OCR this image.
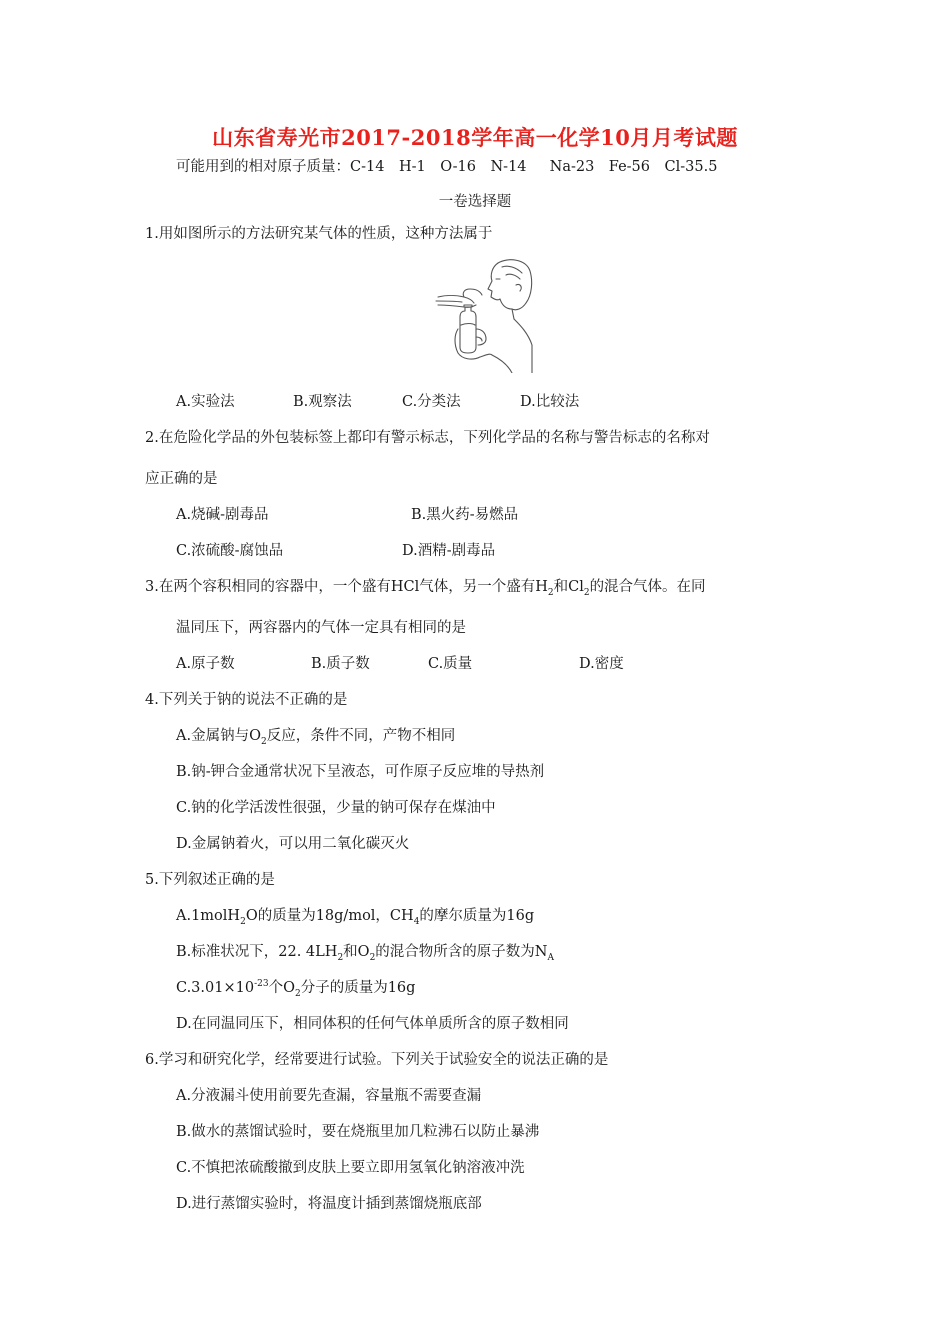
山东省寿光市2017-2018学年高一化学10月月考试题
可能用到的相对原子质量：C-14　H-1　O-16　N-14　 Na-23　Fe-56　Cl-35.5
一卷选择题
1.用如图所示的方法研究某气体的性质，这种方法属于
A.实验法	B.观察法	C.分类法	D.比较法
2.在危险化学品的外包装标签上都印有警示标志，下列化学品的名称与警告标志的名称对
应正确的是
A.烧碱-剧毒品	B.黑火药-易燃品
C.浓硫酸-腐蚀品	D.酒精-剧毒品
3.在两个容积相同的容器中，一个盛有HCl气体，另一个盛有$H_2$和$Cl_2$的混合气体。在同
温同压下，两容器内的气体一定具有相同的是
A.原子数	B.质子数	C.质量	D.密度
4.下列关于钠的说法不正确的是
A.金属钠与$O_2$反应，条件不同，产物不相同
B.钠-钾合金通常状况下呈液态，可作原子反应堆的导热剂
C.钠的化学活泼性很强，少量的钠可保存在煤油中
D.金属钠着火，可以用二氧化碳灭火
5.下列叙述正确的是
A.1molH$_2$O的质量为18g/mol，$CH_4$的摩尔质量为16g
B.标准状况下，22. $4LH_2$和$O_2$的混合物所含的原子数为$N_A$
$C.3.01\times 10^{-23}$个$O_2$分子的质量为16g
D.在同温同压下，相同体积的任何气体单质所含的原子数相同
6.学习和研究化学，经常要进行试验。下列关于试验安全的说法正确的是
A.分液漏斗使用前要先查漏，容量瓶不需要查漏
B.做水的蒸馏试验时，要在烧瓶里加几粒沸石以防止暴沸
C.不慎把浓硫酸撤到皮肤上要立即用氢氧化钠溶液冲洗
D.进行蒸馏实验时，将温度计插到蒸馏烧瓶底部
